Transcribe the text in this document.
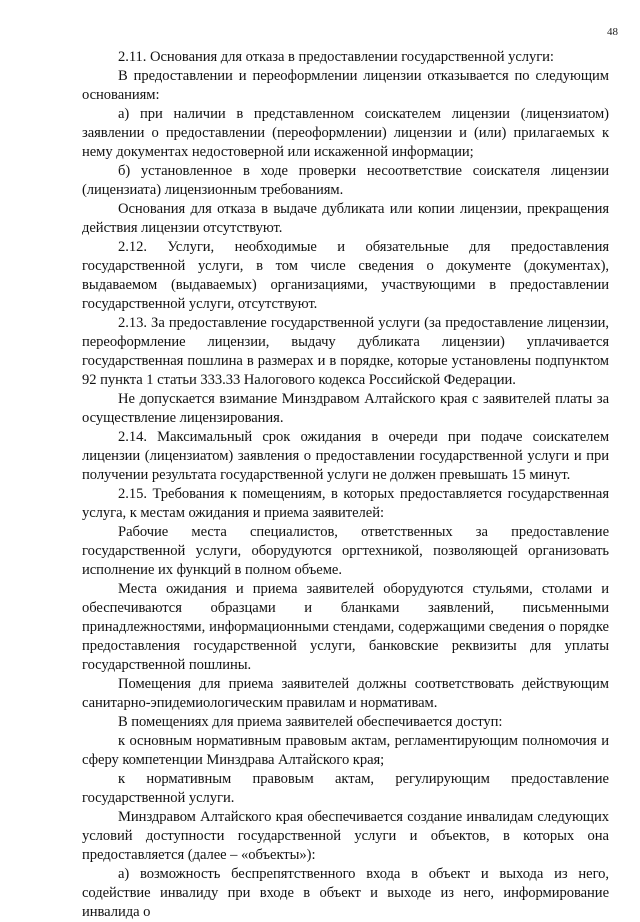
48

2.11. Основания для отказа в предоставлении государственной услуги:

В предоставлении и переоформлении лицензии отказывается по следующим основаниям:

а) при наличии в представленном соискателем лицензии (лицензиатом) заявлении о предоставлении (переоформлении) лицензии и (или) прилагаемых к нему документах недостоверной или искаженной информации;

б) установленное в ходе проверки несоответствие соискателя лицензии (лицензиата) лицензионным требованиям.

Основания для отказа в выдаче дубликата или копии лицензии, прекращения действия лицензии отсутствуют.

2.12. Услуги, необходимые и обязательные для предоставления государственной услуги, в том числе сведения о документе (документах), выдаваемом (выдаваемых) организациями, участвующими в предоставлении государственной услуги, отсутствуют.

2.13. За предоставление государственной услуги (за предоставление лицензии, переоформление лицензии, выдачу дубликата лицензии) уплачивается государственная пошлина в размерах и в порядке, которые установлены подпунктом 92 пункта 1 статьи 333.33 Налогового кодекса Российской Федерации.

Не допускается взимание Минздравом Алтайского края с заявителей платы за осуществление лицензирования.

2.14. Максимальный срок ожидания в очереди при подаче соискателем лицензии (лицензиатом) заявления о предоставлении государственной услуги и при получении результата государственной услуги не должен превышать 15 минут.

2.15. Требования к помещениям, в которых предоставляется государственная услуга, к местам ожидания и приема заявителей:

Рабочие места специалистов, ответственных за предоставление государственной услуги, оборудуются оргтехникой, позволяющей организовать исполнение их функций в полном объеме.

Места ожидания и приема заявителей оборудуются стульями, столами и обеспечиваются образцами и бланками заявлений, письменными принадлежностями, информационными стендами, содержащими сведения о порядке предоставления государственной услуги, банковские реквизиты для уплаты государственной пошлины.

Помещения для приема заявителей должны соответствовать действующим санитарно-эпидемиологическим правилам и нормативам.

В помещениях для приема заявителей обеспечивается доступ:

к основным нормативным правовым актам, регламентирующим полномочия и сферу компетенции Минздрава Алтайского края;

к нормативным правовым актам, регулирующим предоставление государственной услуги.

Минздравом Алтайского края обеспечивается создание инвалидам следующих условий доступности государственной услуги и объектов, в которых она предоставляется (далее – «объекты»):

а) возможность беспрепятственного входа в объект и выхода из него, содействие инвалиду при входе в объект и выходе из него, информирование инвалида о
